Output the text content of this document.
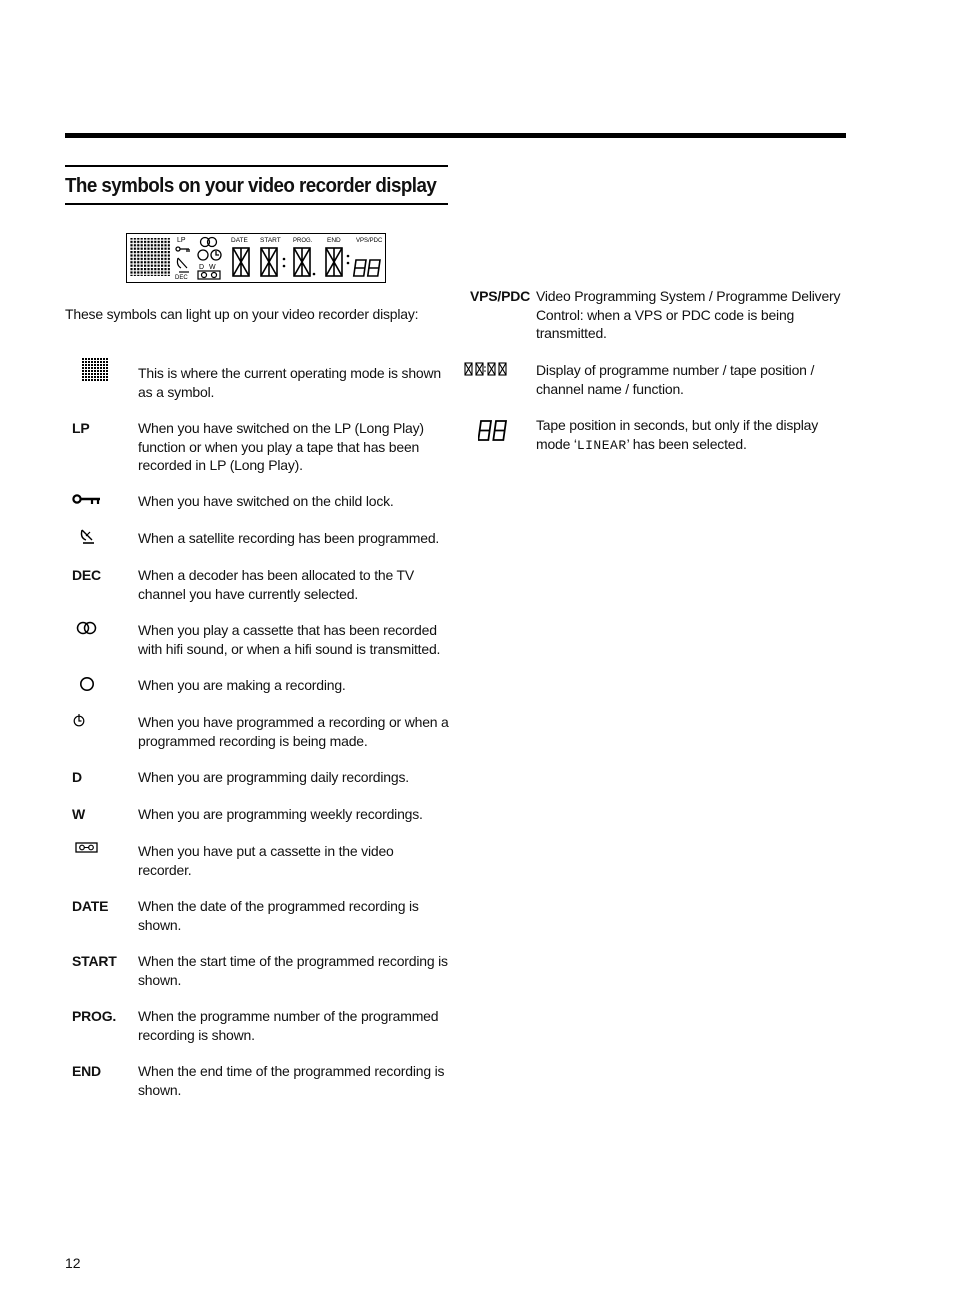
The symbols on your video recorder display
LP
DEC
D W
DATE START PROG. END	VPS/PDC
These symbols can light up on your video recorder display:
This is where the current operating mode is shown as a symbol.
LP	When you have switched on the LP (Long Play) function or when you play a tape that has been recorded in LP (Long Play).
When you have switched on the child lock.
When a satellite recording has been programmed.
DEC	When a decoder has been allocated to the TV channel you have currently selected.
When you play a cassette that has been recorded with hifi sound, or when a hifi sound is transmitted.
When you are making a recording.
When you have programmed a recording or when a programmed recording is being made.
D	When you are programming daily recordings.
W	When you are programming weekly recordings.
When you have put a cassette in the video recorder.
DATE When the date of the programmed recording is shown.
START When the start time of the programmed recording is shown.
PROG. When the programme number of the programmed recording is shown.
END	When the end time of the programmed recording is shown.
VPS/PDC Video Programming System / Programme Delivery Control: when a VPS or PDC code is being transmitted.
Display of programme number / tape position / channel name / function.
Tape position in seconds, but only if the display mode ‘LINEAR’ has been selected.
12
